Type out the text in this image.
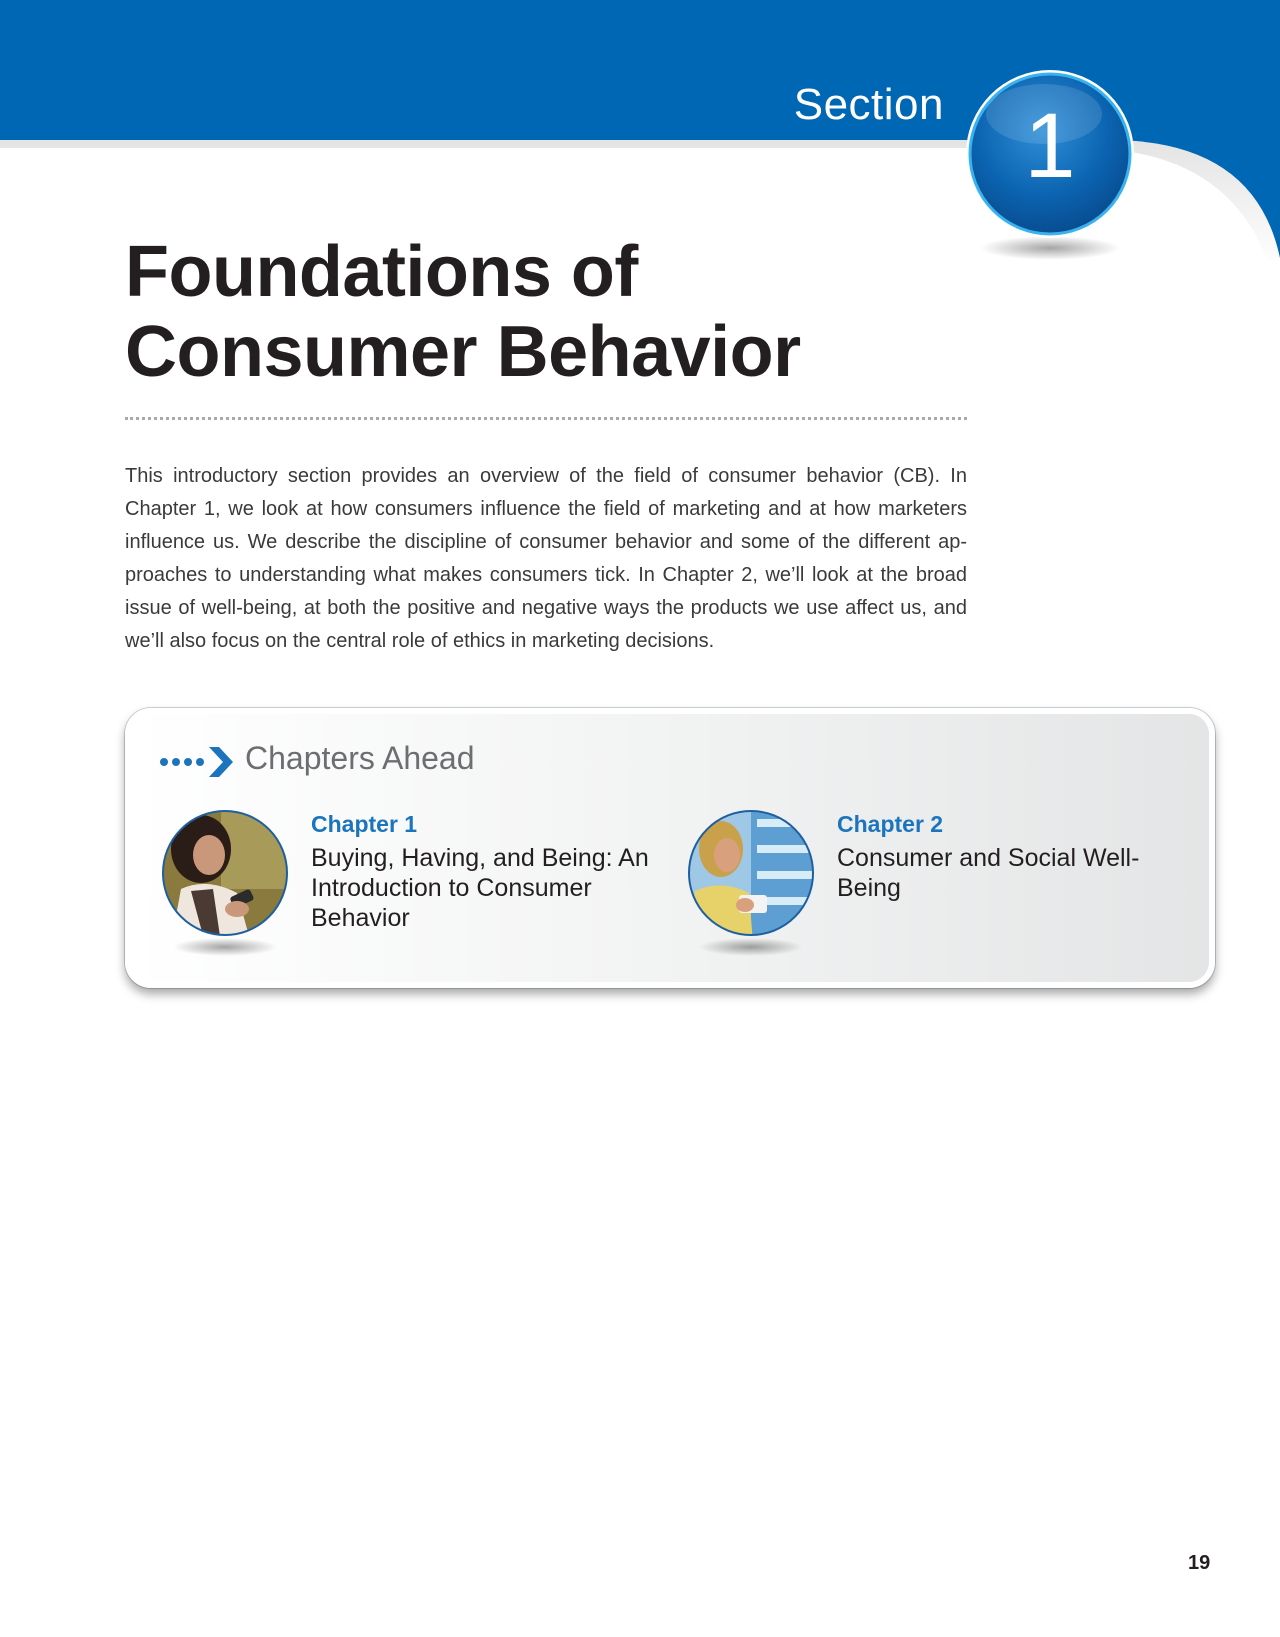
Section 1
Foundations of
Consumer Behavior

This introductory section provides an overview of the field of consumer behavior (CB). In Chapter 1, we look at how consumers influence the field of marketing and at how marketers influence us. We describe the discipline of consumer behavior and some of the different ap-proaches to understanding what makes consumers tick. In Chapter 2, we’ll look at the broad issue of well-being, at both the positive and negative ways the products we use affect us, and we’ll also focus on the central role of ethics in marketing decisions.

Chapters Ahead
Chapter 1
Buying, Having, and Being: An Introduction to Consumer Behavior
Chapter 2
Consumer and Social Well-Being
19
